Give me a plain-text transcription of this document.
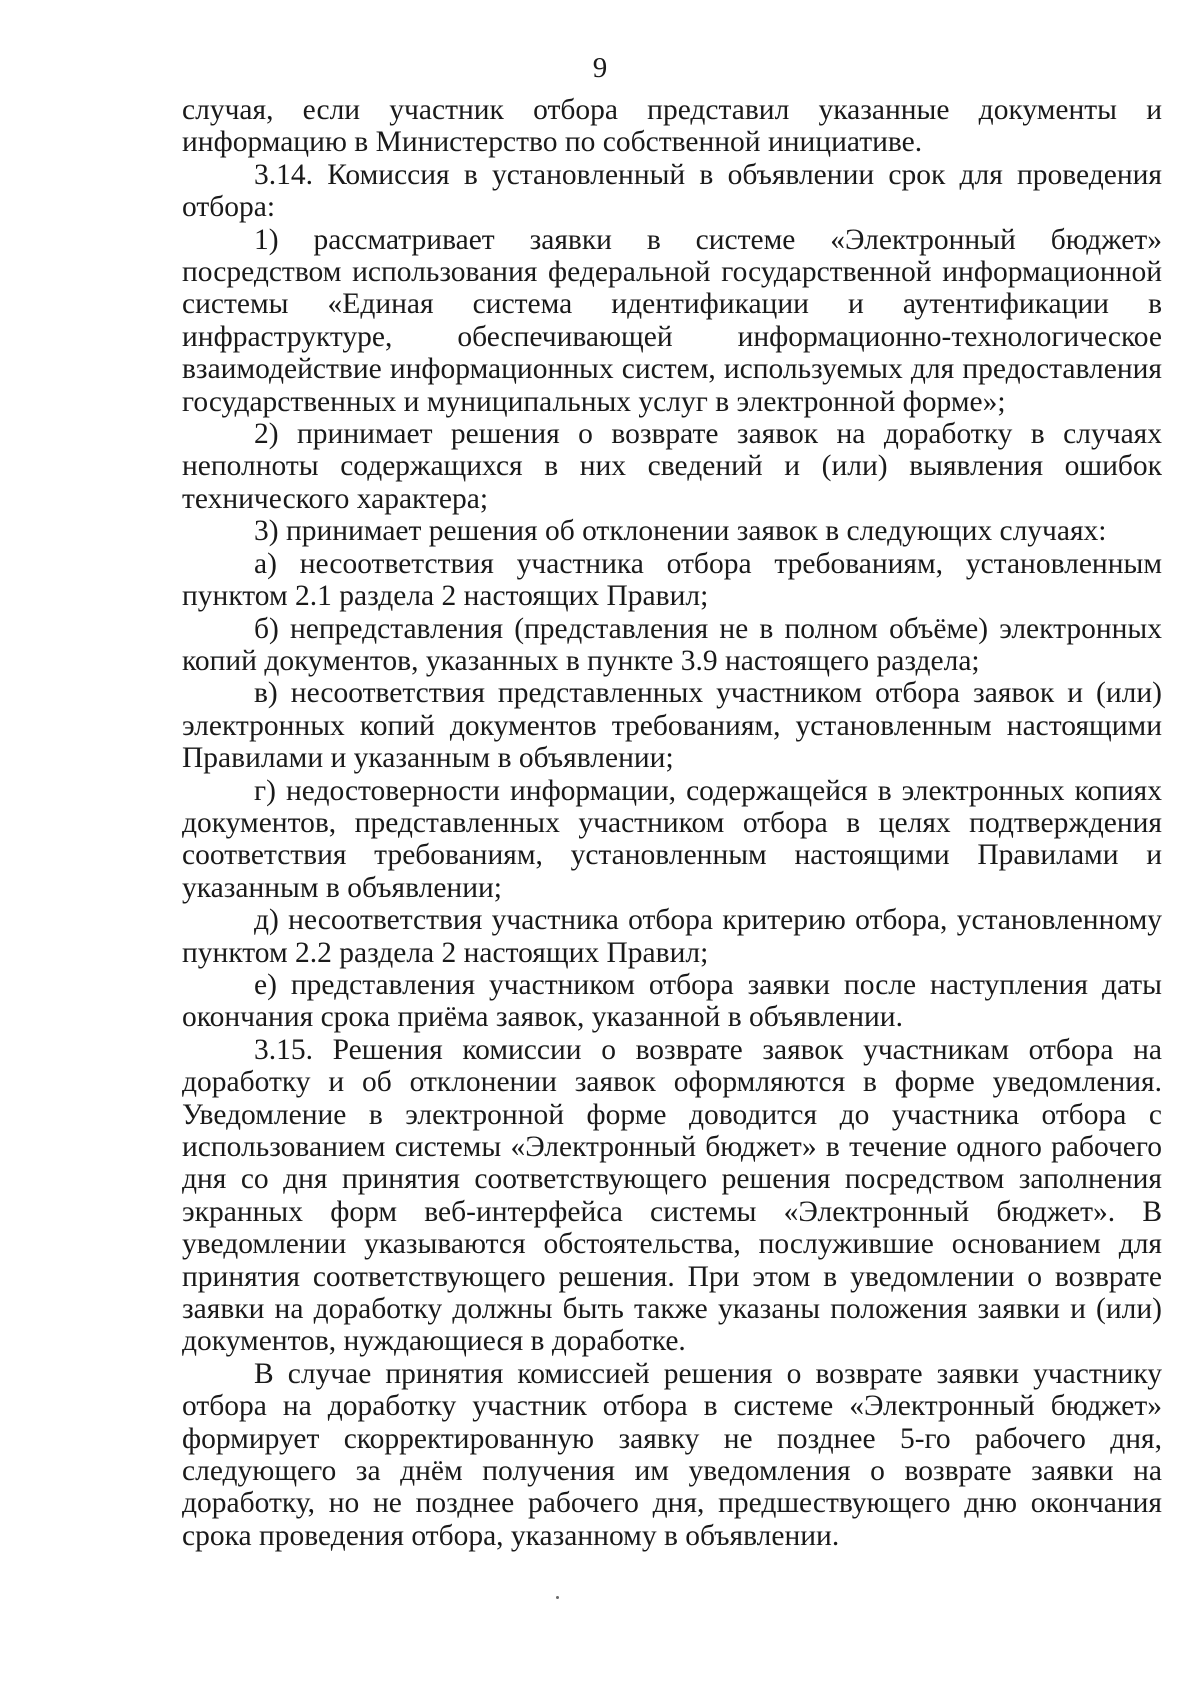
9

случая, если участник отбора представил указанные документы и информацию в Министерство по собственной инициативе.

3.14. Комиссия в установленный в объявлении срок для проведения отбора:

1) рассматривает заявки в системе «Электронный бюджет» посредством использования федеральной государственной информационной системы «Единая система идентификации и аутентификации в инфраструктуре, обеспечивающей информационно-технологическое взаимодействие информационных систем, используемых для предоставления государственных и муниципальных услуг в электронной форме»;

2) принимает решения о возврате заявок на доработку в случаях неполноты содержащихся в них сведений и (или) выявления ошибок технического характера;

3) принимает решения об отклонении заявок в следующих случаях:

а) несоответствия участника отбора требованиям, установленным пунктом 2.1 раздела 2 настоящих Правил;

б) непредставления (представления не в полном объёме) электронных копий документов, указанных в пункте 3.9 настоящего раздела;

в) несоответствия представленных участником отбора заявок и (или) электронных копий документов требованиям, установленным настоящими Правилами и указанным в объявлении;

г) недостоверности информации, содержащейся в электронных копиях документов, представленных участником отбора в целях подтверждения соответствия требованиям, установленным настоящими Правилами и указанным в объявлении;

д) несоответствия участника отбора критерию отбора, установленному пунктом 2.2 раздела 2 настоящих Правил;

е) представления участником отбора заявки после наступления даты окончания срока приёма заявок, указанной в объявлении.

3.15. Решения комиссии о возврате заявок участникам отбора на доработку и об отклонении заявок оформляются в форме уведомления. Уведомление в электронной форме доводится до участника отбора с использованием системы «Электронный бюджет» в течение одного рабочего дня со дня принятия соответствующего решения посредством заполнения экранных форм веб-интерфейса системы «Электронный бюджет». В уведомлении указываются обстоятельства, послужившие основанием для принятия соответствующего решения. При этом в уведомлении о возврате заявки на доработку должны быть также указаны положения заявки и (или) документов, нуждающиеся в доработке.

В случае принятия комиссией решения о возврате заявки участнику отбора на доработку участник отбора в системе «Электронный бюджет» формирует скорректированную заявку не позднее 5-го рабочего дня, следующего за днём получения им уведомления о возврате заявки на доработку, но не позднее рабочего дня, предшествующего дню окончания срока проведения отбора, указанному в объявлении.
